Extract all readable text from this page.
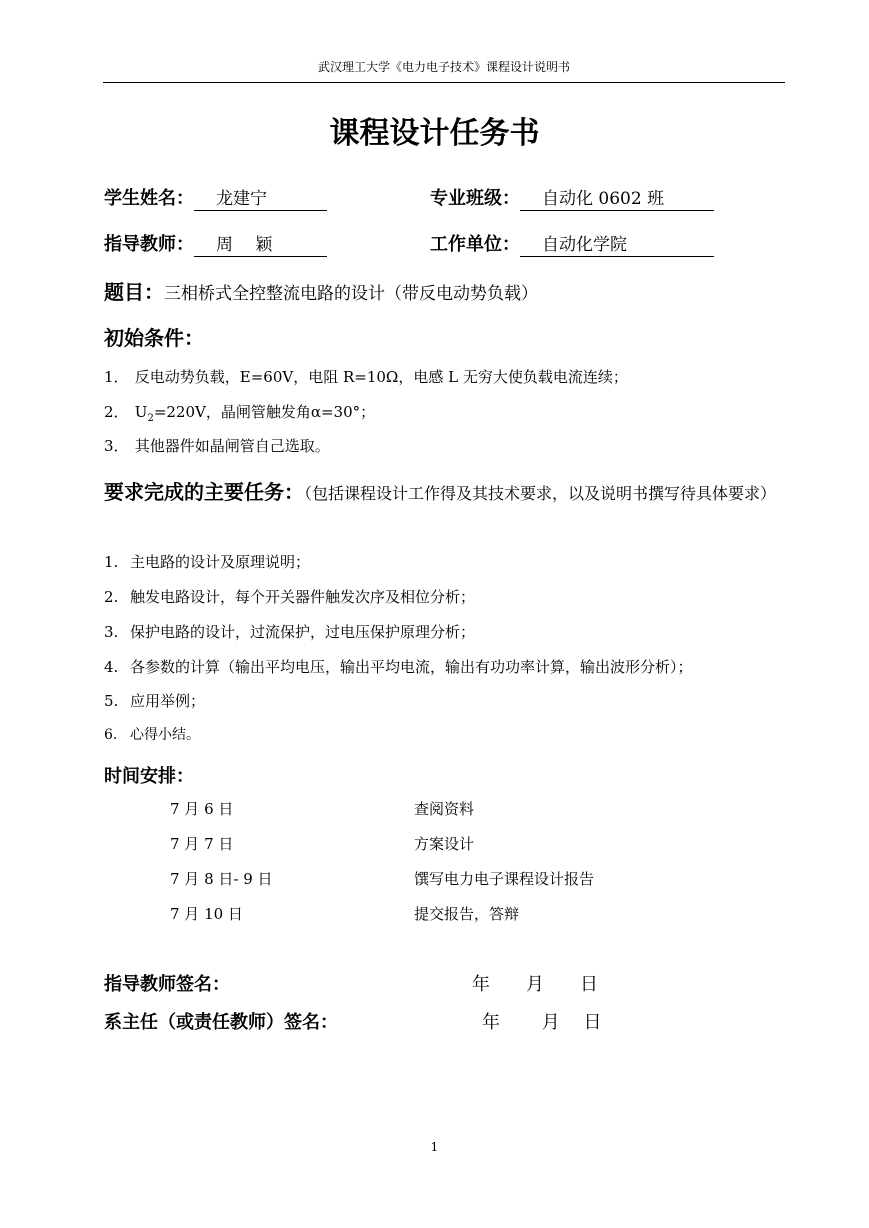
武汉理工大学《电力电子技术》课程设计说明书
课程设计任务书
学生姓名： 龙建宁	专业班级： 自动化 0602 班
指导教师： 周　 颖	工作单位： 自动化学院
题目：三相桥式全控整流电路的设计（带反电动势负载）
初始条件：
1． 反电动势负载，E=60V，电阻 R=10Ω，电感 L 无穷大使负载电流连续；
2． $U_2=220V$，晶闸管触发角α=30°；
3． 其他器件如晶闸管自己选取。
要求完成的主要任务：（包括课程设计工作得及其技术要求，以及说明书撰写待具体要求）
1. 主电路的设计及原理说明；
2. 触发电路设计，每个开关器件触发次序及相位分析；
3. 保护电路的设计，过流保护，过电压保护原理分析；
4. 各参数的计算（输出平均电压，输出平均电流，输出有功功率计算，输出波形分析）；
5. 应用举例；
6. 心得小结。
时间安排：
7 月 6 日	查阅资料
7 月 7 日	方案设计
7 月 8 日- 9 日	馔写电力电子课程设计报告
7 月 10 日	提交报告，答辩
指导教师签名：	年　　月　　日
系主任（或责任教师）签名：	年　　 月　 日
1
